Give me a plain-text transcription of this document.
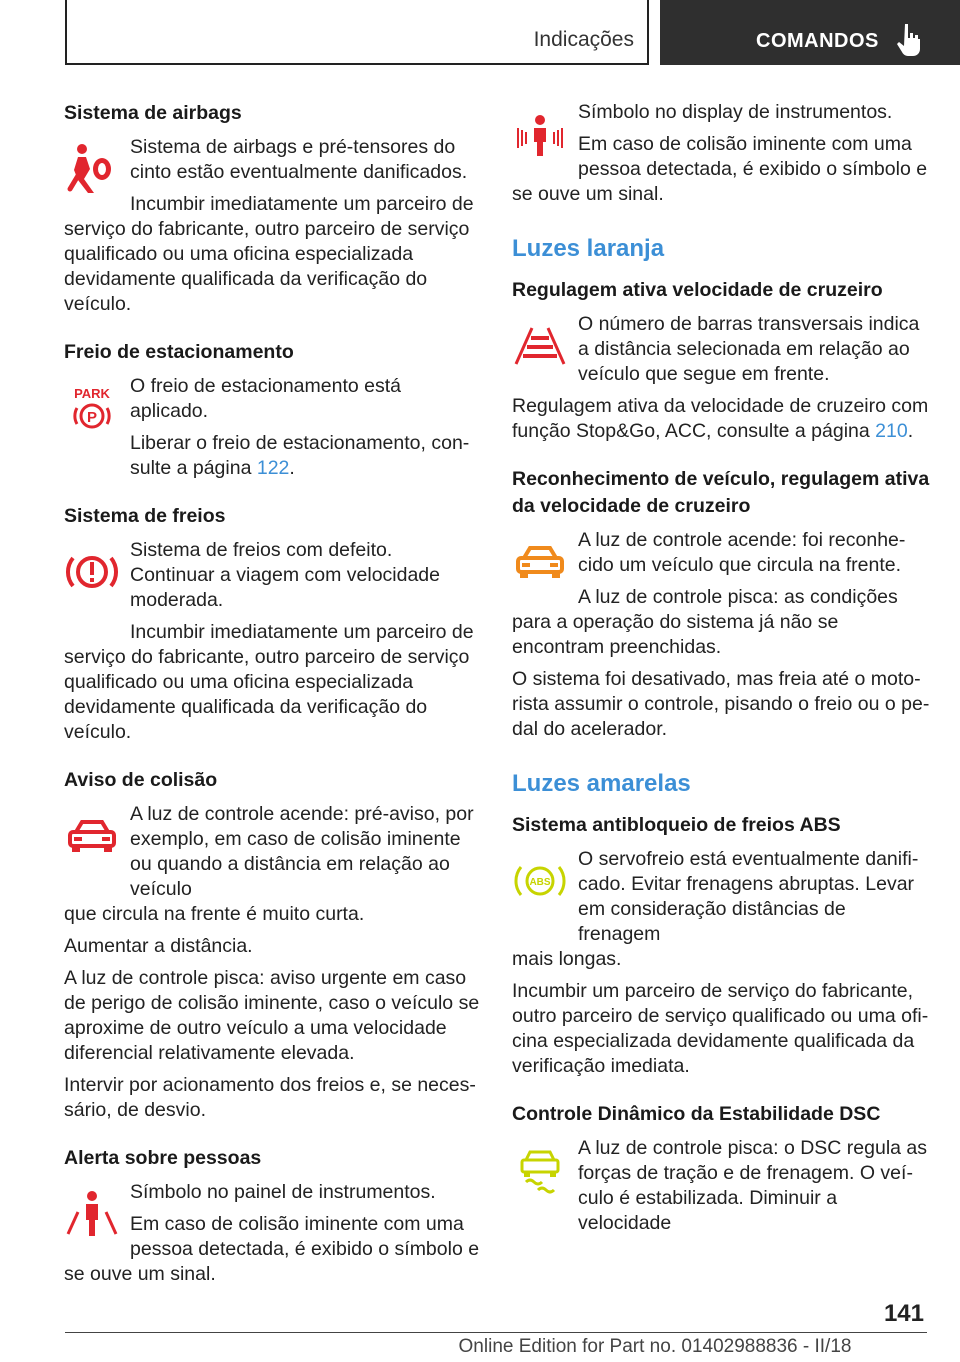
Indicações	COMANDOS
Sistema de airbags
Sistema de airbags e pré-tensores do cinto estão eventualmente danificados.
Incumbir imediatamente um parceiro de
serviço do fabricante, outro parceiro de serviço qualificado ou uma oficina especializada devidamente qualificada da verificação do veículo.
Freio de estacionamento
PARK
P
O freio de estacionamento está aplicado.
Liberar o freio de estacionamento, consulte a página 122.
Sistema de freios
Sistema de freios com defeito. Continuar a viagem com velocidade moderada.
Incumbir imediatamente um parceiro de
serviço do fabricante, outro parceiro de serviço qualificado ou uma oficina especializada devidamente qualificada da verificação do veículo.
Aviso de colisão
A luz de controle acende: pré-aviso, por exemplo, em caso de colisão iminente ou quando a distância em relação ao veículo
que circula na frente é muito curta.
Aumentar a distância.
A luz de controle pisca: aviso urgente em caso de perigo de colisão iminente, caso o veículo se aproxime de outro veículo a uma velocidade diferencial relativamente elevada.
Intervir por acionamento dos freios e, se necessário, de desvio.
Alerta sobre pessoas
Símbolo no painel de instrumentos.
Em caso de colisão iminente com uma pessoa detectada, é exibido o símbolo e
se ouve um sinal.
Símbolo no display de instrumentos.
Em caso de colisão iminente com uma pessoa detectada, é exibido o símbolo e
se ouve um sinal.
Luzes laranja
Regulagem ativa velocidade de cruzeiro
O número de barras transversais indica a distância selecionada em relação ao veículo que segue em frente.
Regulagem ativa da velocidade de cruzeiro com função Stop&Go, ACC, consulte a página 210.
Reconhecimento de veículo, regulagem ativa da velocidade de cruzeiro
A luz de controle acende: foi reconhecido um veículo que circula na frente.
A luz de controle pisca: as condições
para a operação do sistema já não se encontram preenchidas.
O sistema foi desativado, mas freia até o motorista assumir o controle, pisando o freio ou o pedal do acelerador.
Luzes amarelas
Sistema antibloqueio de freios ABS
ABS
O servofreio está eventualmente danificado. Evitar frenagens abruptas. Levar em consideração distâncias de frenagem
mais longas.
Incumbir um parceiro de serviço do fabricante, outro parceiro de serviço qualificado ou uma oficina especializada devidamente qualificada da verificação imediata.
Controle Dinâmico da Estabilidade DSC
A luz de controle pisca: o DSC regula as forças de tração e de frenagem. O veículo é estabilizada. Diminuir a velocidade
141
Online Edition for Part no. 01402988836 - II/18
